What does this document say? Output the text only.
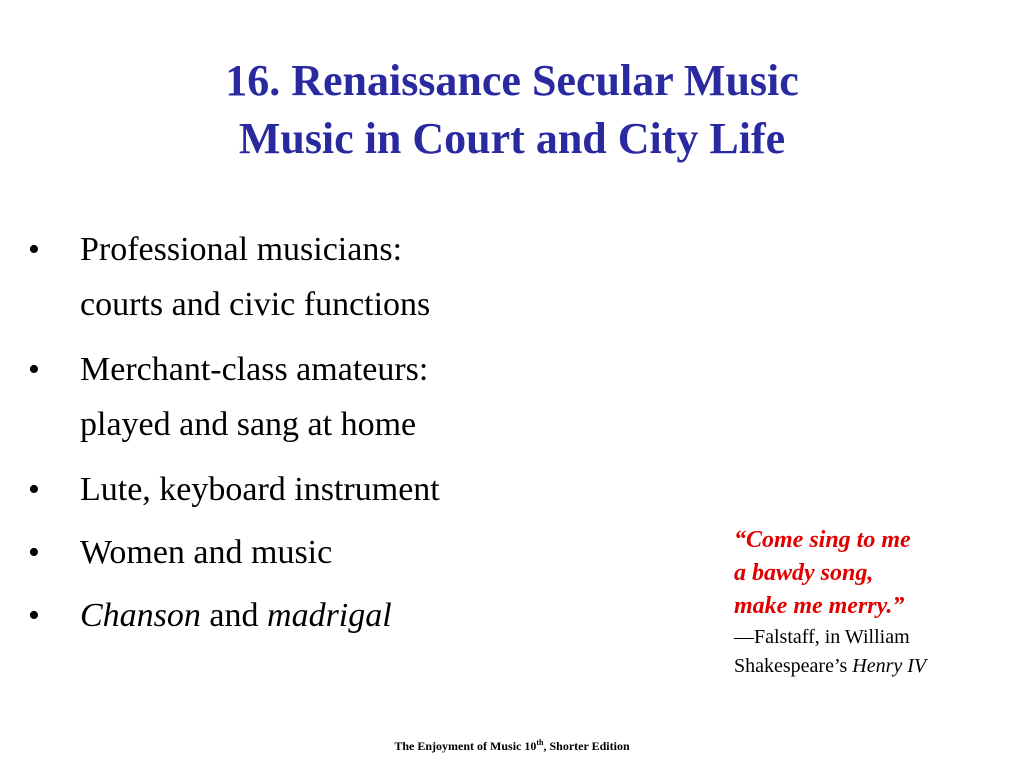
16. Renaissance Secular Music
Music in Court and City Life
• Professional musicians:
courts and civic functions
• Merchant-class amateurs:
played and sang at home
• Lute, keyboard instrument
• Women and music
• Chanson and madrigal
“Come sing to me
a bawdy song,
make me merry.”
—Falstaff, in William
Shakespeare’s Henry IV
The Enjoyment of Music 10th, Shorter Edition
